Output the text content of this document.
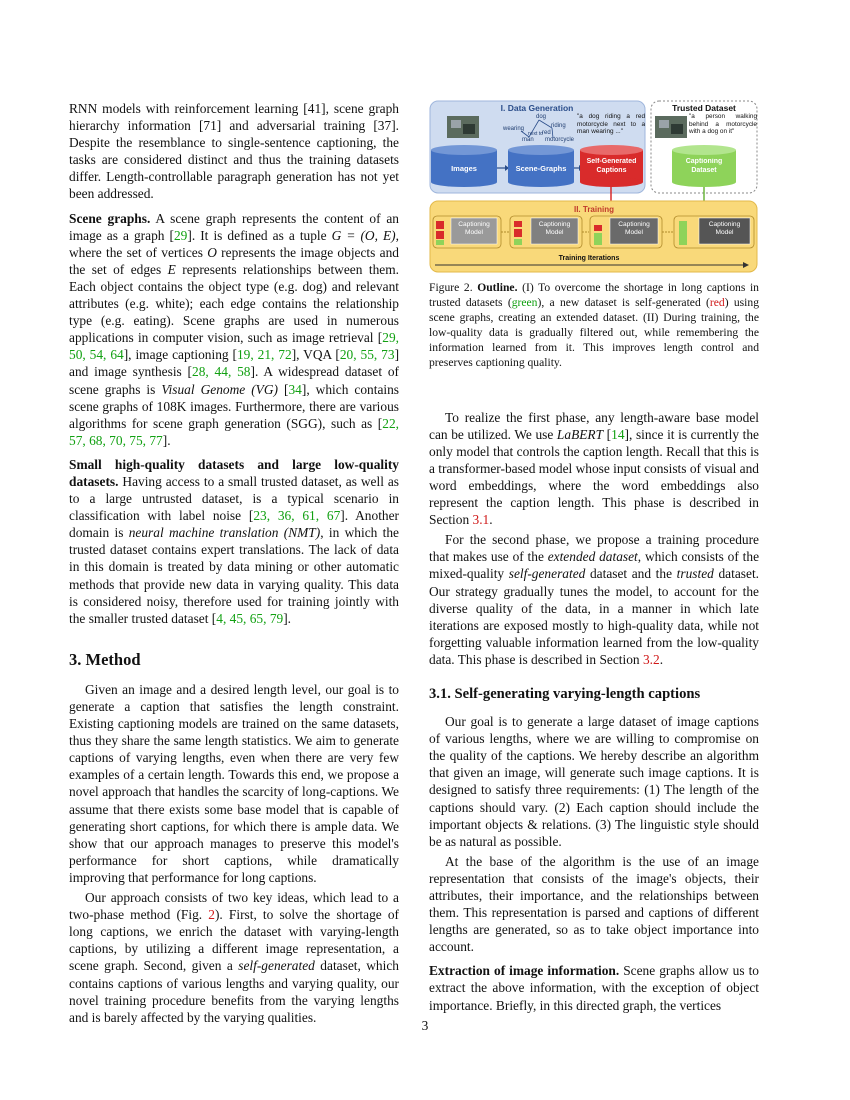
RNN models with reinforcement learning [41], scene graph hierarchy information [71] and adversarial training [37]. Despite the resemblance to single-sentence captioning, the tasks are considered distinct and thus the training datasets differ. Length-controllable paragraph generation has not yet been addressed.

Scene graphs. A scene graph represents the content of an image as a graph [29]. It is defined as a tuple G = (O, E), where the set of vertices O represents the image objects and the set of edges E represents relationships between them. Each object contains the object type (e.g. dog) and relevant attributes (e.g. white); each edge contains the relationship type (e.g. eating). Scene graphs are used in numerous applications in computer vision, such as image retrieval [29, 50, 54, 64], image captioning [19, 21, 72], VQA [20, 55, 73] and image synthesis [28, 44, 58]. A widespread dataset of scene graphs is Visual Genome (VG) [34], which contains scene graphs of 108K images. Furthermore, there are various algorithms for scene graph generation (SGG), such as [22, 57, 68, 70, 75, 77].

Small high-quality datasets and large low-quality datasets. Having access to a small trusted dataset, as well as to a large untrusted dataset, is a typical scenario in classification with label noise [23, 36, 61, 67]. Another domain is neural machine translation (NMT), in which the trusted dataset contains expert translations. The lack of data in this domain is treated by data mining or other automatic methods that provide new data in varying quality. This data is considered noisy, therefore used for training jointly with the smaller trusted dataset [4, 45, 65, 79].

3. Method

Given an image and a desired length level, our goal is to generate a caption that satisfies the length constraint. Existing captioning models are trained on the same datasets, thus they share the same length statistics. We aim to generate captions of varying lengths, even when there are very few examples of a certain length. Towards this end, we propose a novel approach that handles the scarcity of long-captions. We assume that there exists some base model that is capable of generating short captions, for which there is ample data. We show that our approach manages to preserve this model's performance for short captions, while dramatically improving that performance for long captions.

Our approach consists of two key ideas, which lead to a two-phase method (Fig. 2). First, to solve the shortage of long captions, we enrich the dataset with varying-length captions, by utilizing a different image representation, a scene graph. Second, given a self-generated dataset, which contains captions of various lengths and varying quality, our novel training procedure benefits from the varying lengths and is barely affected by the varying qualities.

I. Data Generation
dog
riding
wearing
man
red
motorcycle
next to
"a dog riding a red motorcycle next to a man wearing ..."
Images	Scene-Graphs
Self-Generated Captions
Trusted Dataset
"a person walking behind a motorcycle with a dog on it"
Captioning Dataset
II. Training
Captioning Model
Captioning Model
Captioning Model
Captioning Model
Training Iterations

Figure 2. Outline. (I) To overcome the shortage in long captions in trusted datasets (green), a new dataset is self-generated (red) using scene graphs, creating an extended dataset. (II) During training, the low-quality data is gradually filtered out, while remembering the information learned from it. This improves length control and preserves captioning quality.

To realize the first phase, any length-aware base model can be utilized. We use LaBERT [14], since it is currently the only model that controls the caption length. Recall that this is a transformer-based model whose input consists of visual and word embeddings, where the word embeddings also represent the caption length. This phase is described in Section 3.1.

For the second phase, we propose a training procedure that makes use of the extended dataset, which consists of the mixed-quality self-generated dataset and the trusted dataset. Our strategy gradually tunes the model, to account for the diverse quality of the data, in a manner in which late iterations are exposed mostly to high-quality data, while not forgetting valuable information learned from the low-quality data. This phase is described in Section 3.2.

3.1. Self-generating varying-length captions

Our goal is to generate a large dataset of image captions of various lengths, where we are willing to compromise on the quality of the captions. We hereby describe an algorithm that given an image, will generate such image captions. It is designed to satisfy three requirements: (1) The length of the captions should vary. (2) Each caption should include the important objects & relations. (3) The linguistic style should be as natural as possible.

At the base of the algorithm is the use of an image representation that consists of the image's objects, their attributes, their importance, and the relationships between them. This representation is parsed and captions of different lengths are generated, so as to take object importance into account.

Extraction of image information. Scene graphs allow us to extract the above information, with the exception of object importance. Briefly, in this directed graph, the vertices

3
